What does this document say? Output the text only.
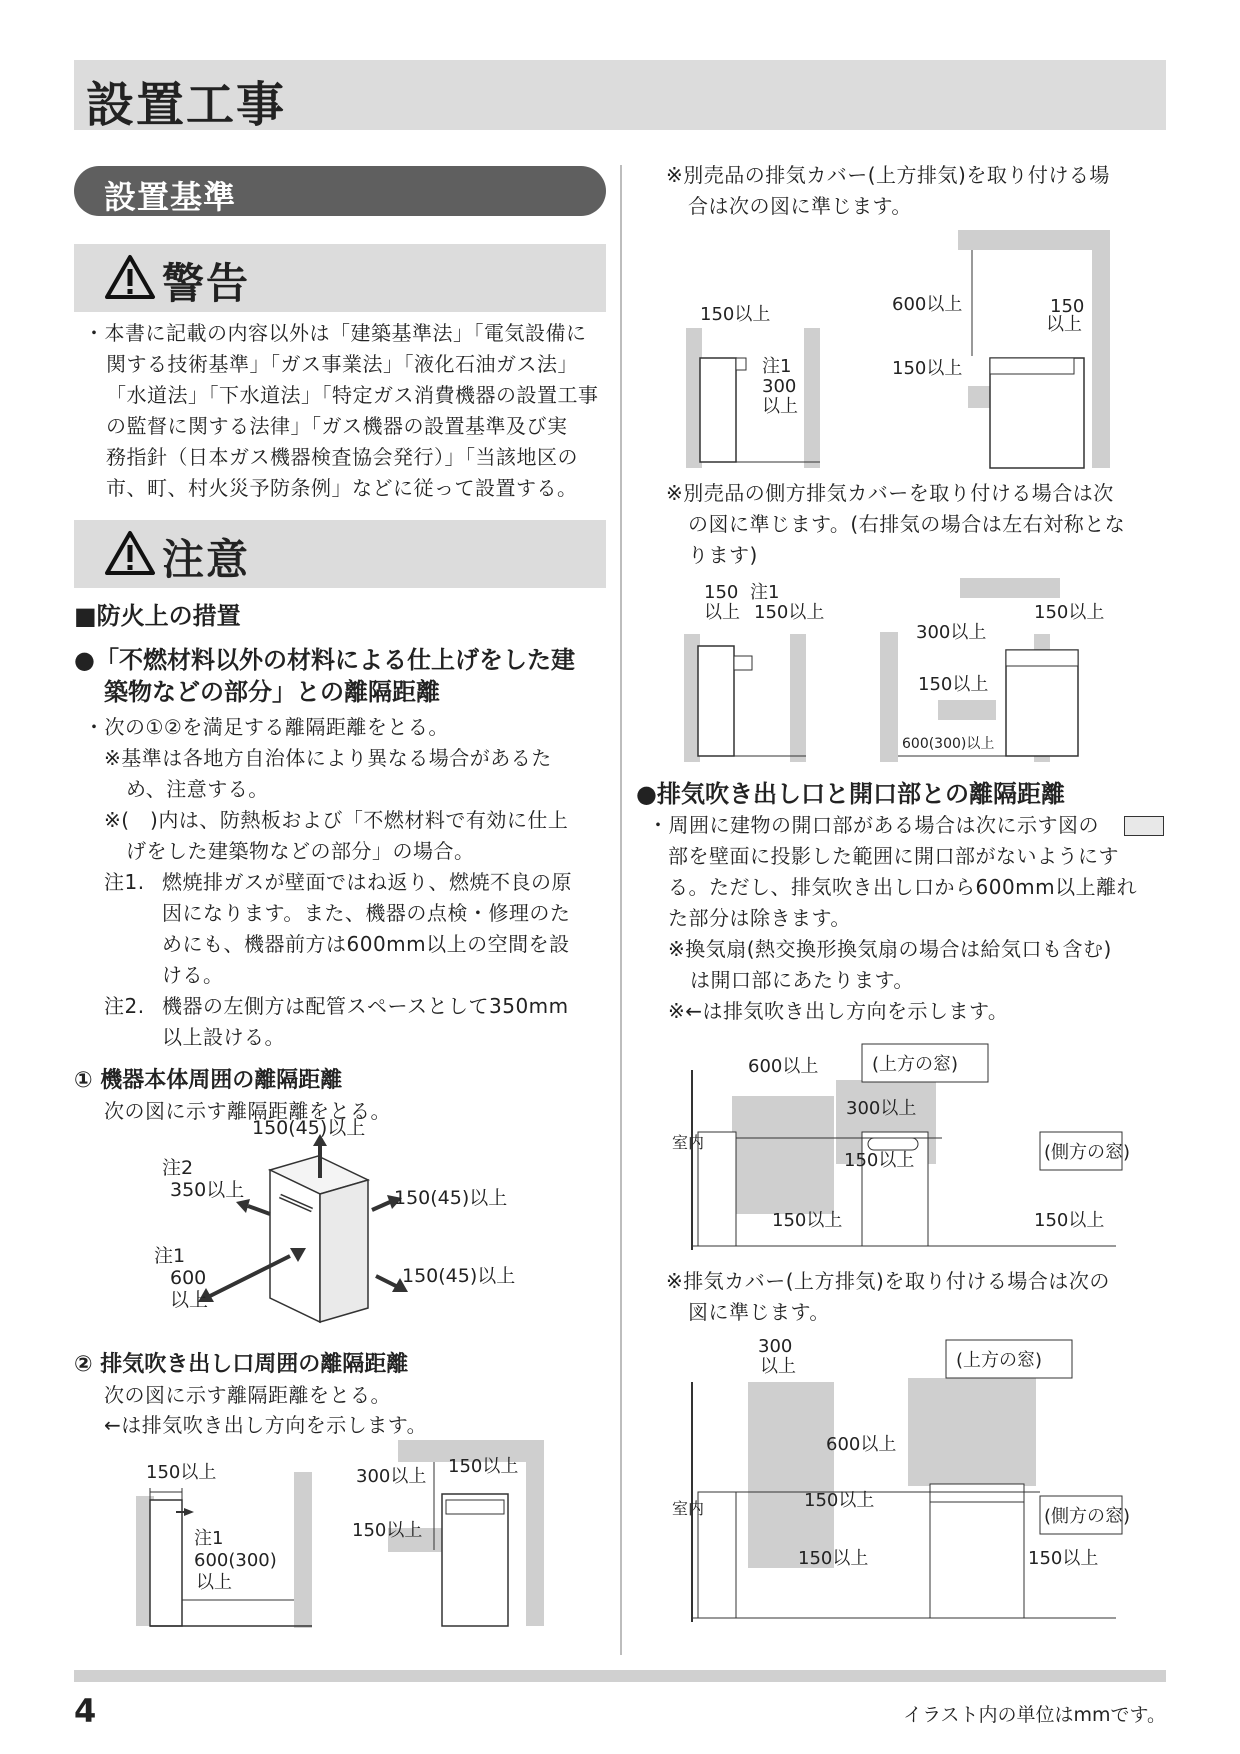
設置工事
設置基準
警告
・本書に記載の内容以外は「建築基準法」「電気設備に
関する技術基準」「ガス事業法」「液化石油ガス法」
「水道法」「下水道法」「特定ガス消費機器の設置工事
の監督に関する法律」「ガス機器の設置基準及び実
務指針（日本ガス機器検査協会発行）」「当該地区の
市、町、村火災予防条例」などに従って設置する。
注意
■防火上の措置
●「不燃材料以外の材料による仕上げをした建
築物などの部分」との離隔距離
・次の①②を満足する離隔距離をとる。
※基準は各地方自治体により異なる場合があるた
め、注意する。
※(　)内は、防熱板および「不燃材料で有効に仕上
げをした建築物などの部分」の場合。
注1. 燃焼排ガスが壁面ではね返り、燃焼不良の原
因になります。また、機器の点検・修理のた
めにも、機器前方は600mm以上の空間を設
ける。
注2. 機器の左側方は配管スペースとして350mm
以上設ける。
① 機器本体周囲の離隔距離
次の図に示す離隔距離をとる。
150(45)以上
注2
350以上	150(45)以上
注1
600
以上
150(45)以上
② 排気吹き出し口周囲の離隔距離
次の図に示す離隔距離をとる。
←は排気吹き出し方向を示します。
150以上
注1
600(300)
以上
300以上 150以上
150以上
※別売品の排気カバー(上方排気)を取り付ける場
合は次の図に準じます。
150以上
注1
300
以上
600以上	150
以上
150以上
※別売品の側方排気カバーを取り付ける場合は次
の図に準じます。(右排気の場合は左右対称とな
ります)
150
以上
注1
150以上
300以上
150以上
150以上
600(300)以上
●排気吹き出し口と開口部との離隔距離
・周囲に建物の開口部がある場合は次に示す図の
部を壁面に投影した範囲に開口部がないようにす
る。ただし、排気吹き出し口から600mm以上離れ
た部分は除きます。
※換気扇(熱交換形換気扇の場合は給気口も含む)
は開口部にあたります。
※←は排気吹き出し方向を示します。
600以上	(上方の窓)
300以上
室内
150以上	(側方の窓)
150以上	150以上
※排気カバー(上方排気)を取り付ける場合は次の
図に準じます。
300
以上	(上方の窓)
600以上
室内	150以上
(側方の窓)
150以上	150以上
4	イラスト内の単位はmmです。
